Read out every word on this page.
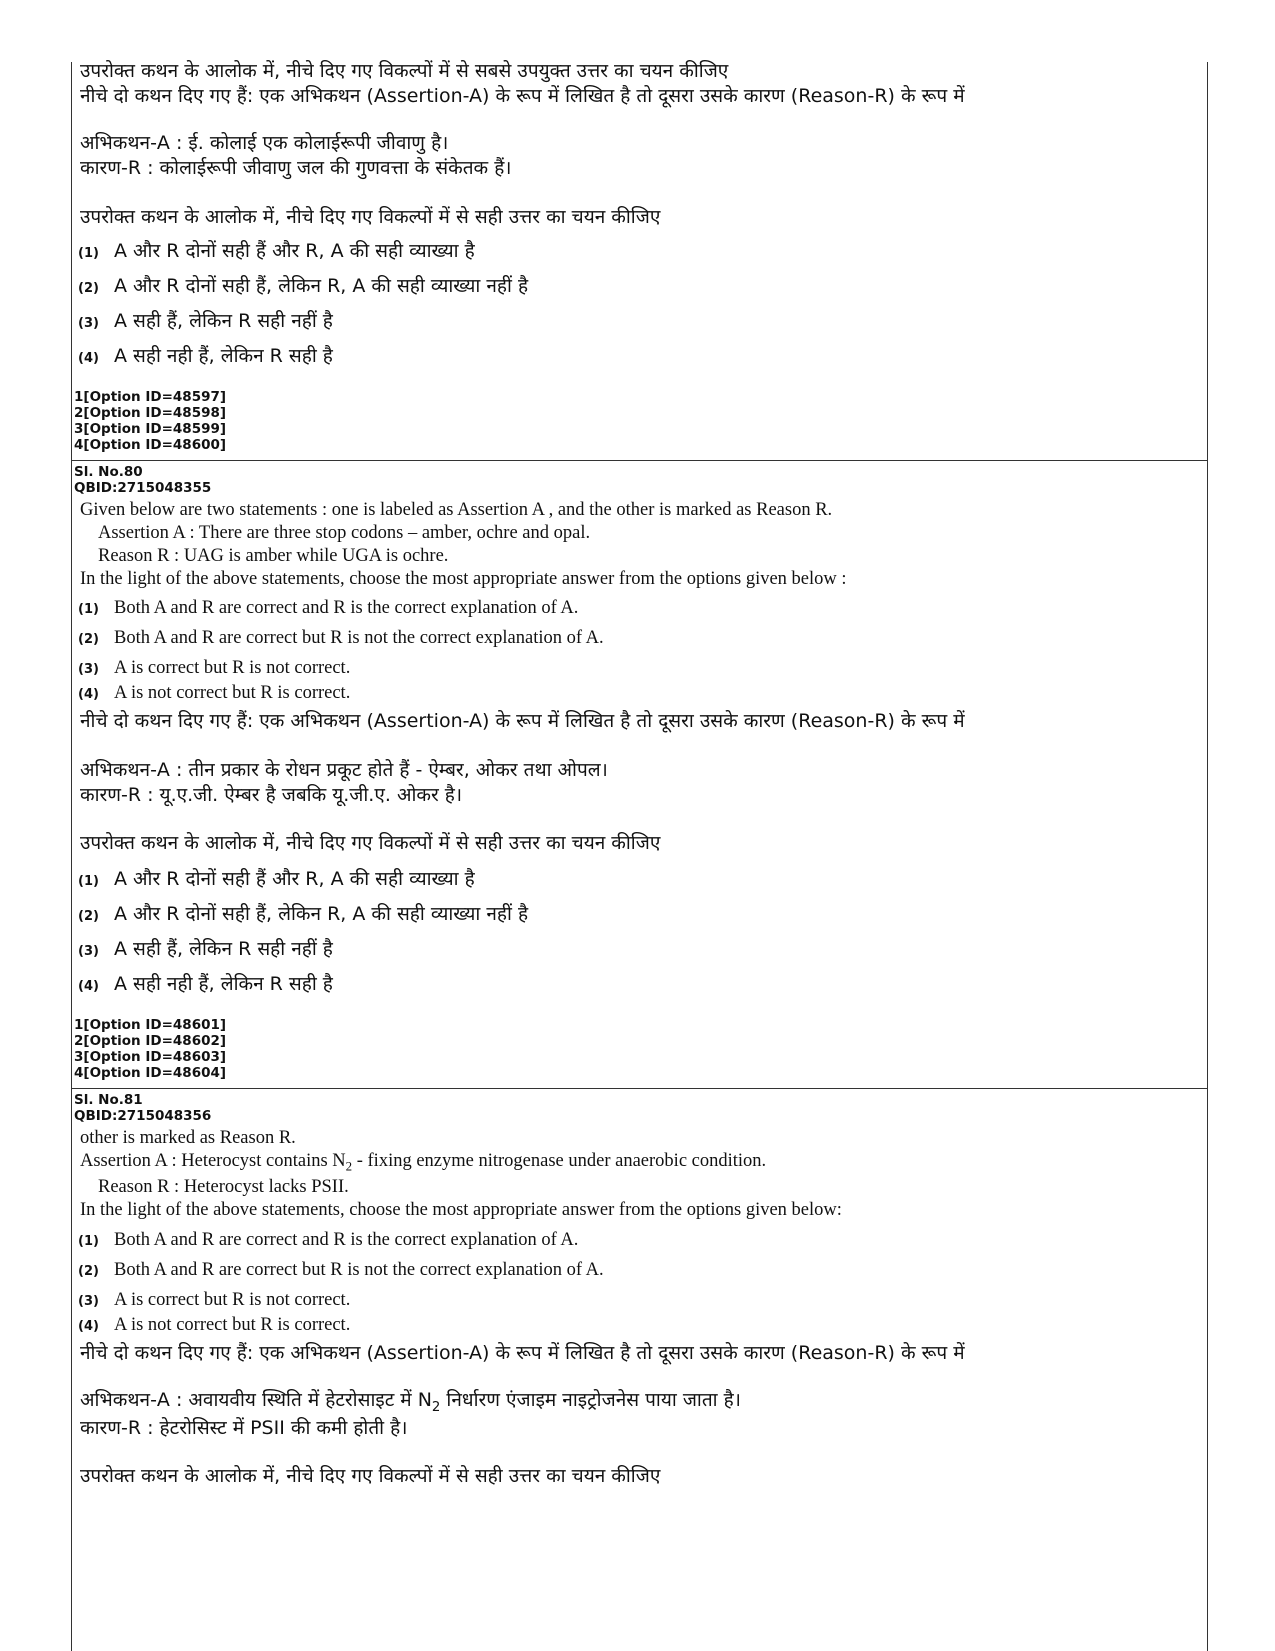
उपरोक्त कथन के आलोक में, नीचे दिए गए विकल्पों में से सबसे उपयुक्त उत्तर का चयन कीजिए
नीचे दो कथन दिए गए हैं: एक अभिकथन (Assertion-A) के रूप में लिखित है तो दूसरा उसके कारण (Reason-R) के रूप में
अभिकथन-A : ई. कोलाई एक कोलाईरूपी जीवाणु है।
कारण-R : कोलाईरूपी जीवाणु जल की गुणवत्ता के संकेतक हैं।
उपरोक्त कथन के आलोक में, नीचे दिए गए विकल्पों में से सही उत्तर का चयन कीजिए
(1) A और R दोनों सही हैं और R, A की सही व्याख्या है
(2) A और R दोनों सही हैं, लेकिन R, A की सही व्याख्या नहीं है
(3) A सही हैं, लेकिन R सही नहीं है
(4) A सही नही हैं, लेकिन R सही है
1[Option ID=48597]
2[Option ID=48598]
3[Option ID=48599]
4[Option ID=48600]
Sl. No.80
QBID:2715048355
Given below are two statements : one is labeled as Assertion A , and the other is marked as Reason R.
Assertion A : There are three stop codons – amber, ochre and opal.
Reason R : UAG is amber while UGA is ochre.
In the light of the above statements, choose the most appropriate answer from the options given below :
(1) Both A and R are correct and R is the correct explanation of A.
(2) Both A and R are correct but R is not the correct explanation of A.
(3) A is correct but R is not correct.
(4) A is not correct but R is correct.
नीचे दो कथन दिए गए हैं: एक अभिकथन (Assertion-A) के रूप में लिखित है तो दूसरा उसके कारण (Reason-R) के रूप में
अभिकथन-A : तीन प्रकार के रोधन प्रकूट होते हैं - ऐम्बर, ओकर तथा ओपल।
कारण-R : यू.ए.जी. ऐम्बर है जबकि यू.जी.ए. ओकर है।
उपरोक्त कथन के आलोक में, नीचे दिए गए विकल्पों में से सही उत्तर का चयन कीजिए
(1) A और R दोनों सही हैं और R, A की सही व्याख्या है
(2) A और R दोनों सही हैं, लेकिन R, A की सही व्याख्या नहीं है
(3) A सही हैं, लेकिन R सही नहीं है
(4) A सही नही हैं, लेकिन R सही है
1[Option ID=48601]
2[Option ID=48602]
3[Option ID=48603]
4[Option ID=48604]
Sl. No.81
QBID:2715048356
other is marked as Reason R.
Assertion A : Heterocyst contains $N_2$ - fixing enzyme nitrogenase under anaerobic condition.
Reason R : Heterocyst lacks PSII.
In the light of the above statements, choose the most appropriate answer from the options given below:
(1) Both A and R are correct and R is the correct explanation of A.
(2) Both A and R are correct but R is not the correct explanation of A.
(3) A is correct but R is not correct.
(4) A is not correct but R is correct.
नीचे दो कथन दिए गए हैं: एक अभिकथन (Assertion-A) के रूप में लिखित है तो दूसरा उसके कारण (Reason-R) के रूप में
अभिकथन-A : अवायवीय स्थिति में हेटरोसाइट में $N_2$ निर्धारण एंजाइम नाइट्रोजनेस पाया जाता है।
कारण-R : हेटरोसिस्ट में PSII की कमी होती है।
उपरोक्त कथन के आलोक में, नीचे दिए गए विकल्पों में से सही उत्तर का चयन कीजिए
